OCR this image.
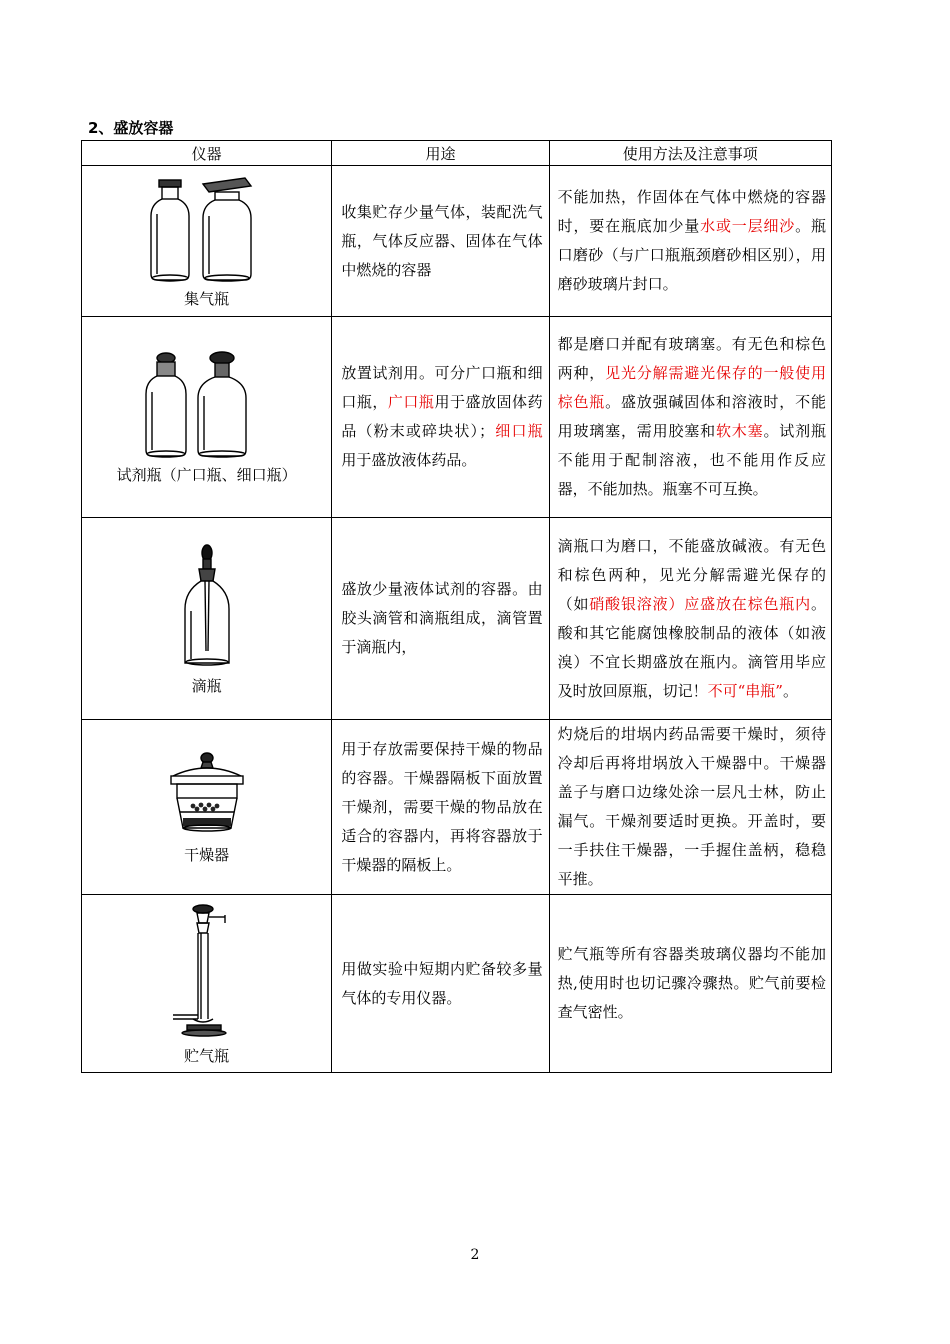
2、盛放容器
仪器	用途	使用方法及注意事项

集气瓶	收集贮存少量气体，装配洗气瓶，气体反应器、固体在气体中燃烧的容器	不能加热，作固体在气体中燃烧的容器时，要在瓶底加少量水或一层细沙。瓶口磨砂（与广口瓶瓶颈磨砂相区别），用磨砂玻璃片封口。

试剂瓶（广口瓶、细口瓶）	放置试剂用。可分广口瓶和细口瓶，广口瓶用于盛放固体药品（粉末或碎块状）；细口瓶用于盛放液体药品。	都是磨口并配有玻璃塞。有无色和棕色两种，见光分解需避光保存的一般使用棕色瓶。盛放强碱固体和溶液时，不能用玻璃塞，需用胶塞和软木塞。试剂瓶不能用于配制溶液，也不能用作反应器，不能加热。瓶塞不可互换。

滴瓶	盛放少量液体试剂的容器。由胶头滴管和滴瓶组成，滴管置于滴瓶内，	滴瓶口为磨口，不能盛放碱液。有无色和棕色两种，见光分解需避光保存的（如硝酸银溶液）应盛放在棕色瓶内。酸和其它能腐蚀橡胶制品的液体（如液溴）不宜长期盛放在瓶内。滴管用毕应及时放回原瓶，切记！不可“串瓶”。

干燥器	用于存放需要保持干燥的物品的容器。干燥器隔板下面放置干燥剂，需要干燥的物品放在适合的容器内，再将容器放于干燥器的隔板上。	灼烧后的坩埚内药品需要干燥时，须待冷却后再将坩埚放入干燥器中。干燥器盖子与磨口边缘处涂一层凡士林，防止漏气。干燥剂要适时更换。开盖时，要一手扶住干燥器，一手握住盖柄，稳稳平推。

贮气瓶	用做实验中短期内贮备较多量气体的专用仪器。	贮气瓶等所有容器类玻璃仪器均不能加热,使用时也切记骤冷骤热。贮气前要检查气密性。
2
